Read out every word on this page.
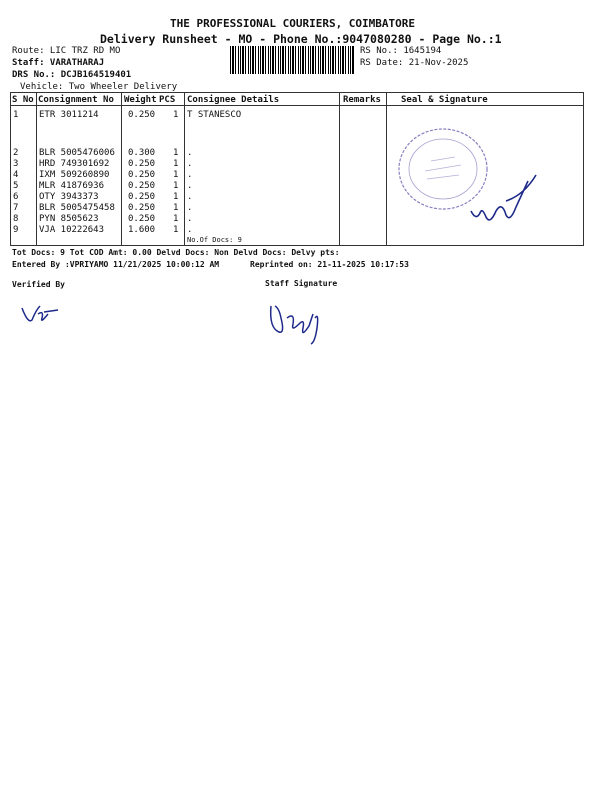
THE PROFESSIONAL COURIERS, COIMBATORE
Delivery Runsheet - MO - Phone No.:9047080280 - Page No.:1
Route: LIC TRZ RD MO
Staff: VARATHARAJ
DRS No.: DCJB164519401
Vehicle: Two Wheeler Delivery
RS No.: 1645194
RS Date: 21-Nov-2025
S No Consignment No Weight PCS Consignee Details	Remarks Seal & Signature
1 ETR 3011214	0.250 1 T STANESCO
2 BLR 5005476006 0.300 1 .
3 HRD 749301692 0.250 1 .
4 IXM 509260890 0.250 1 .
5 MLR 41876936	0.250 1 .
6 OTY 3943373	0.250 1 .
7 BLR 5005475458 0.250 1 .
8 PYN 8505623	0.250 1 .
9 VJA 10222643	1.600 1 .
No.Of Docs: 9
Tot Docs: 9 Tot COD Amt: 0.00 Delvd Docs: Non Delvd Docs: Delvy pts:
Entered By :VPRIYAMO 11/21/2025 10:00:12 AM	Reprinted on: 21-11-2025 10:17:53
Verified By	Staff Signature
